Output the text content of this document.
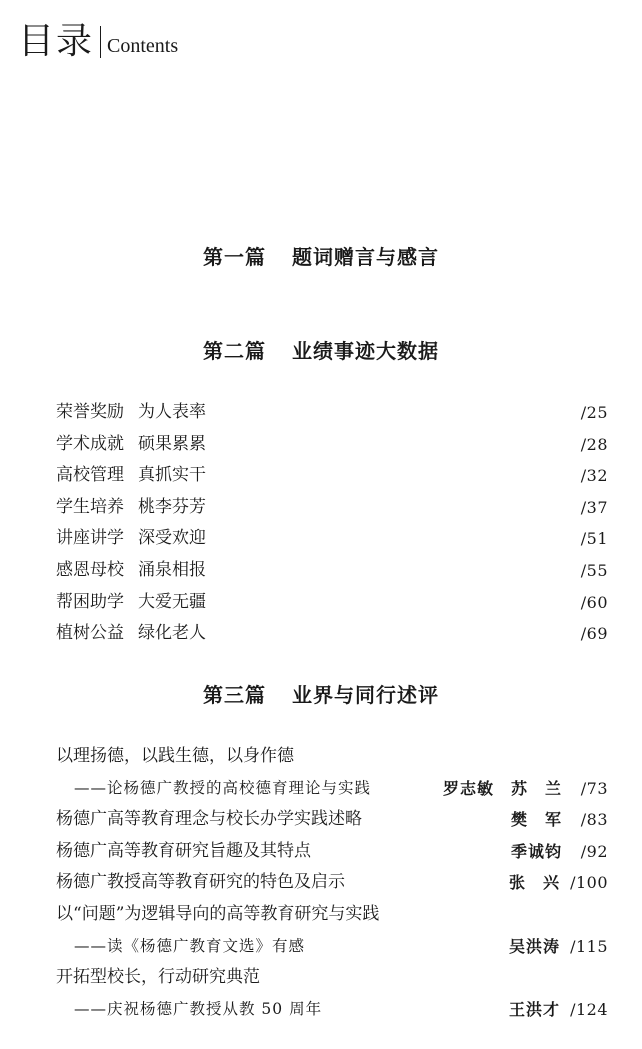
目录 Contents
第一篇 题词赠言与感言
第二篇 业绩事迹大数据
荣誉奖励 为人表率	/25
学术成就 硕果累累	/28
高校管理 真抓实干	/32
学生培养 桃李芬芳	/37
讲座讲学 深受欢迎	/51
感恩母校 涌泉相报	/55
帮困助学 大爱无疆	/60
植树公益 绿化老人	/69
第三篇 业界与同行述评
以理扬德，以践生德，以身作德
——论杨德广教授的高校德育理论与实践	罗志敏　苏　兰 /73
杨德广高等教育理念与校长办学实践述略	樊　军 /83
杨德广高等教育研究旨趣及其特点	季诚钧 /92
杨德广教授高等教育研究的特色及启示	张　兴 /100
以“问题”为逻辑导向的高等教育研究与实践
——读《杨德广教育文选》有感	吴洪涛 /115
开拓型校长，行动研究典范
——庆祝杨德广教授从教 50 周年	王洪才 /124
